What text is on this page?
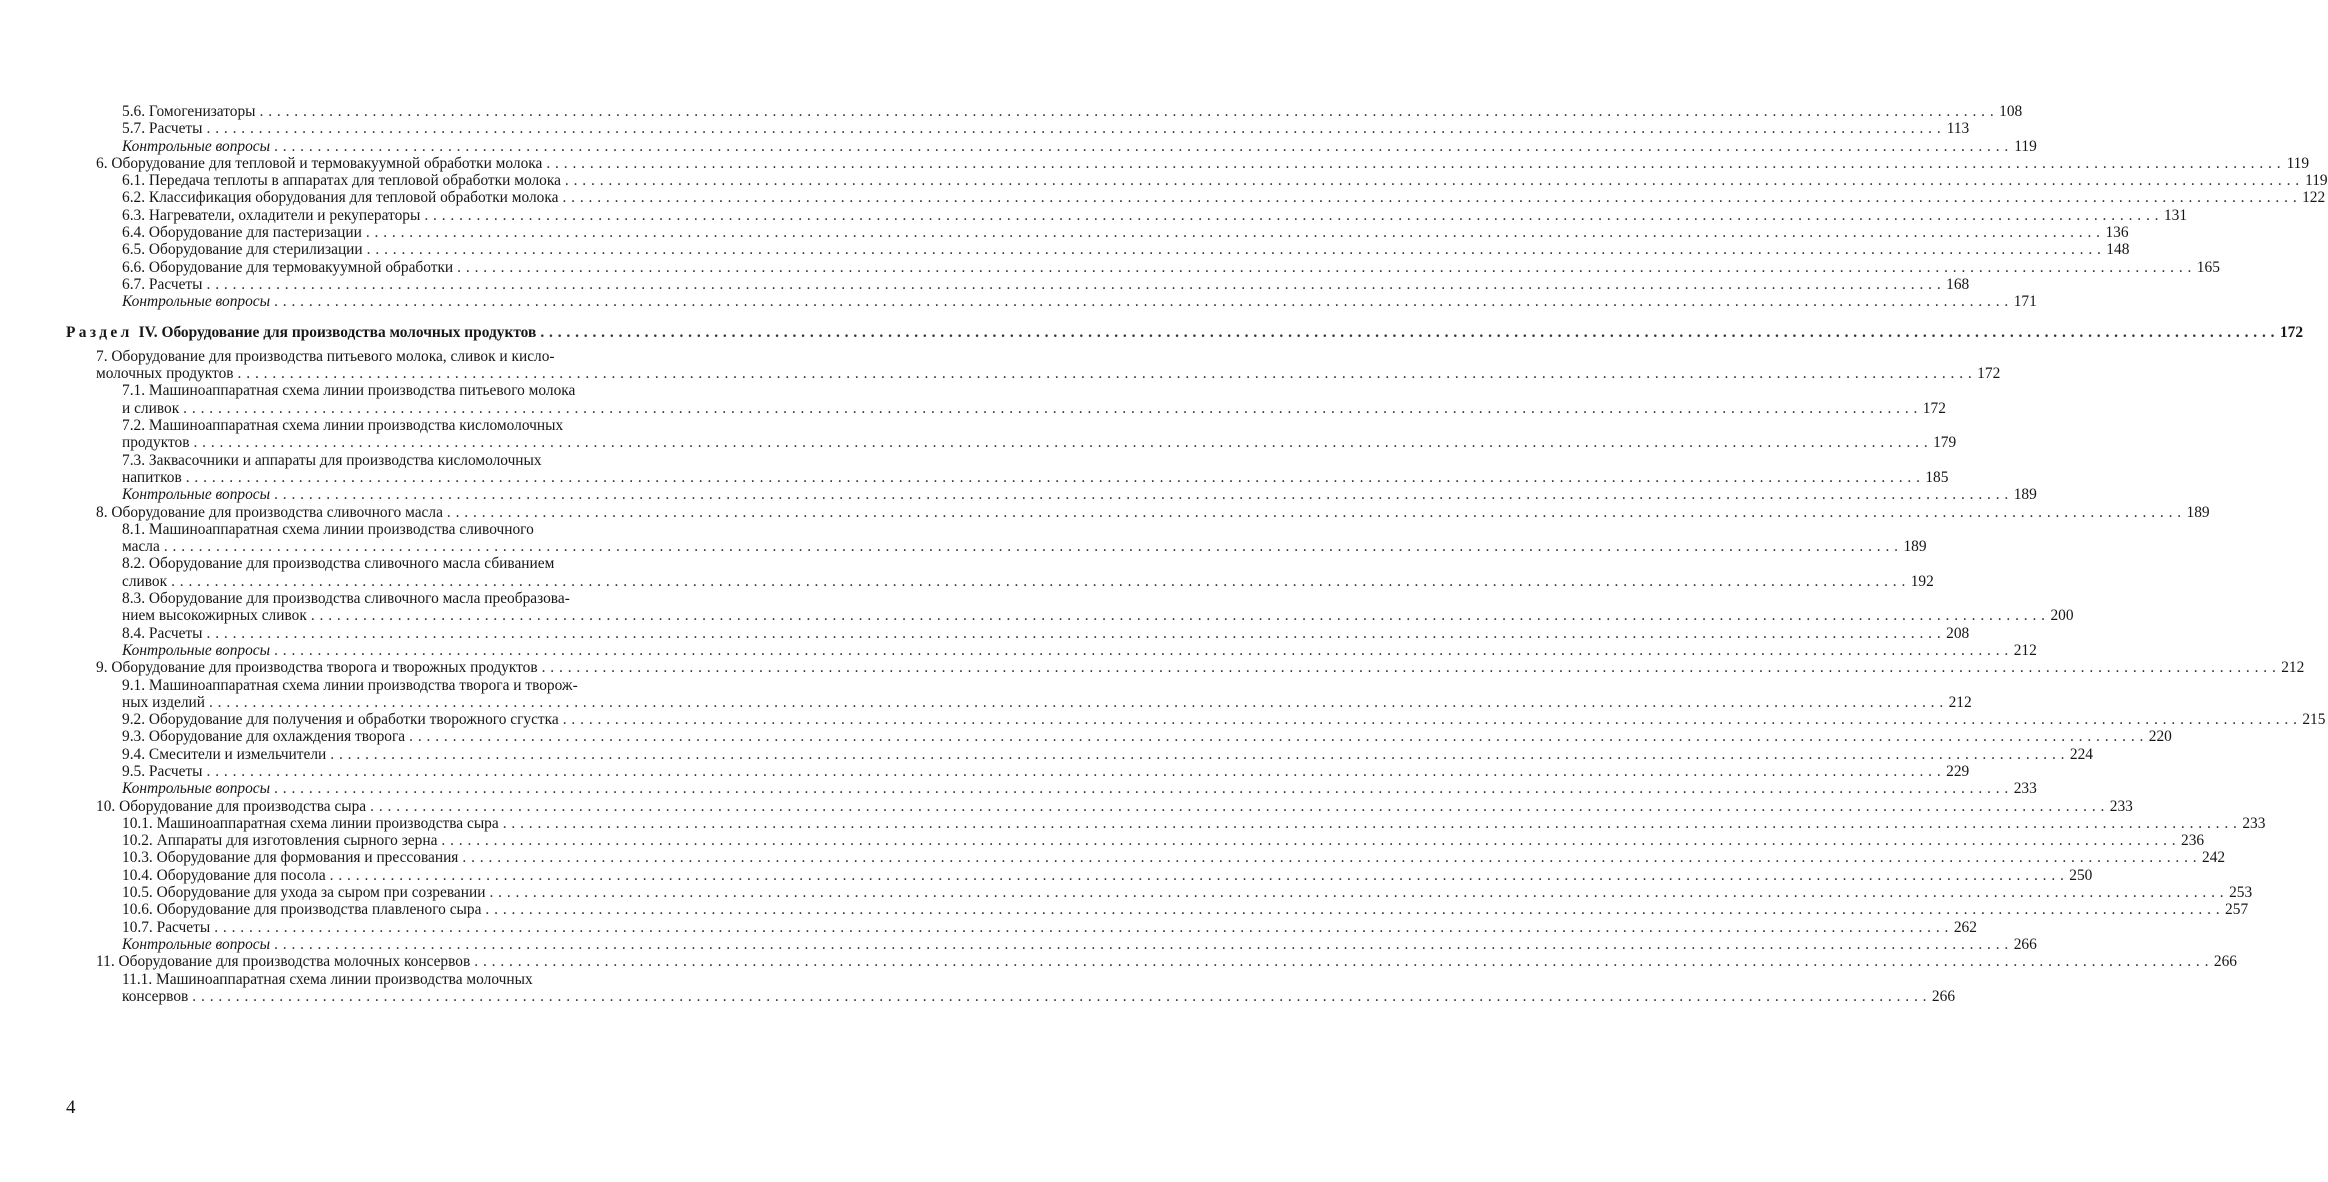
5.6. Гомогенизаторы . . . . . . . . . . . . . . . . . . . . . . . . . . . . . . . . . . . . . . . . . . . . . . . . . . . . . . . . . . . . . . . . . . . . . . . . . . . . . . . . . . . . . . . . . . . . . . . . . . . . . . . . . . . . . . . . . . . . . . . . . . . . . . . . . . . . . . . . . . . . . . . . . . . . . . . . . . . . . . . . . . . . . . . . . . . . . . . . . . . . . . . . . . . . . . . . . . . . . . . . 108
5.7. Расчеты . . . . . . . . . . . . . . . . . . . . . . . . . . . . . . . . . . . . . . . . . . . . . . . . . . . . . . . . . . . . . . . . . . . . . . . . . . . . . . . . . . . . . . . . . . . . . . . . . . . . . . . . . . . . . . . . . . . . . . . . . . . . . . . . . . . . . . . . . . . . . . . . . . . . . . . . . . . . . . . . . . . . . . . . . . . . . . . . . . . . . . . . . . . . . . . . . . . . . . . . 113
Контрольные вопросы . . . . . . . . . . . . . . . . . . . . . . . . . . . . . . . . . . . . . . . . . . . . . . . . . . . . . . . . . . . . . . . . . . . . . . . . . . . . . . . . . . . . . . . . . . . . . . . . . . . . . . . . . . . . . . . . . . . . . . . . . . . . . . . . . . . . . . . . . . . . . . . . . . . . . . . . . . . . . . . . . . . . . . . . . . . . . . . . . . . . . . . . . . . . . . . . . . . . . . . . 119
6. Оборудование для тепловой и термовакуумной обработки молока . . . . . . . . . . . . . . . . . . . . . . . . . . . . . . . . . . . . . . . . . . . . . . . . . . . . . . . . . . . . . . . . . . . . . . . . . . . . . . . . . . . . . . . . . . . . . . . . . . . . . . . . . . . . . . . . . . . . . . . . . . . . . . . . . . . . . . . . . . . . . . . . . . . . . . . . . . . . . . . . . . . . . . . . . . . . . . . . . . . . . . . . . . . . . . . . . . . . . . . . 119
6.1. Передача теплоты в аппаратах для тепловой обработки молока . . . . . . . . . . . . . . . . . . . . . . . . . . . . . . . . . . . . . . . . . . . . . . . . . . . . . . . . . . . . . . . . . . . . . . . . . . . . . . . . . . . . . . . . . . . . . . . . . . . . . . . . . . . . . . . . . . . . . . . . . . . . . . . . . . . . . . . . . . . . . . . . . . . . . . . . . . . . . . . . . . . . . . . . . . . . . . . . . . . . . . . . . . . . . . . . . . . . . . . . 119
6.2. Классификация оборудования для тепловой обработки молока . . . . . . . . . . . . . . . . . . . . . . . . . . . . . . . . . . . . . . . . . . . . . . . . . . . . . . . . . . . . . . . . . . . . . . . . . . . . . . . . . . . . . . . . . . . . . . . . . . . . . . . . . . . . . . . . . . . . . . . . . . . . . . . . . . . . . . . . . . . . . . . . . . . . . . . . . . . . . . . . . . . . . . . . . . . . . . . . . . . . . . . . . . . . . . . . . . . . . . . . 122
6.3. Нагреватели, охладители и рекуператоры . . . . . . . . . . . . . . . . . . . . . . . . . . . . . . . . . . . . . . . . . . . . . . . . . . . . . . . . . . . . . . . . . . . . . . . . . . . . . . . . . . . . . . . . . . . . . . . . . . . . . . . . . . . . . . . . . . . . . . . . . . . . . . . . . . . . . . . . . . . . . . . . . . . . . . . . . . . . . . . . . . . . . . . . . . . . . . . . . . . . . . . . . . . . . . . . . . . . . . . . 131
6.4. Оборудование для пастеризации . . . . . . . . . . . . . . . . . . . . . . . . . . . . . . . . . . . . . . . . . . . . . . . . . . . . . . . . . . . . . . . . . . . . . . . . . . . . . . . . . . . . . . . . . . . . . . . . . . . . . . . . . . . . . . . . . . . . . . . . . . . . . . . . . . . . . . . . . . . . . . . . . . . . . . . . . . . . . . . . . . . . . . . . . . . . . . . . . . . . . . . . . . . . . . . . . . . . . . . . 136
6.5. Оборудование для стерилизации . . . . . . . . . . . . . . . . . . . . . . . . . . . . . . . . . . . . . . . . . . . . . . . . . . . . . . . . . . . . . . . . . . . . . . . . . . . . . . . . . . . . . . . . . . . . . . . . . . . . . . . . . . . . . . . . . . . . . . . . . . . . . . . . . . . . . . . . . . . . . . . . . . . . . . . . . . . . . . . . . . . . . . . . . . . . . . . . . . . . . . . . . . . . . . . . . . . . . . . . 148
6.6. Оборудование для термовакуумной обработки . . . . . . . . . . . . . . . . . . . . . . . . . . . . . . . . . . . . . . . . . . . . . . . . . . . . . . . . . . . . . . . . . . . . . . . . . . . . . . . . . . . . . . . . . . . . . . . . . . . . . . . . . . . . . . . . . . . . . . . . . . . . . . . . . . . . . . . . . . . . . . . . . . . . . . . . . . . . . . . . . . . . . . . . . . . . . . . . . . . . . . . . . . . . . . . . . . . . . . . . 165
6.7. Расчеты . . . . . . . . . . . . . . . . . . . . . . . . . . . . . . . . . . . . . . . . . . . . . . . . . . . . . . . . . . . . . . . . . . . . . . . . . . . . . . . . . . . . . . . . . . . . . . . . . . . . . . . . . . . . . . . . . . . . . . . . . . . . . . . . . . . . . . . . . . . . . . . . . . . . . . . . . . . . . . . . . . . . . . . . . . . . . . . . . . . . . . . . . . . . . . . . . . . . . . . . 168
Контрольные вопросы . . . . . . . . . . . . . . . . . . . . . . . . . . . . . . . . . . . . . . . . . . . . . . . . . . . . . . . . . . . . . . . . . . . . . . . . . . . . . . . . . . . . . . . . . . . . . . . . . . . . . . . . . . . . . . . . . . . . . . . . . . . . . . . . . . . . . . . . . . . . . . . . . . . . . . . . . . . . . . . . . . . . . . . . . . . . . . . . . . . . . . . . . . . . . . . . . . . . . . . . 171
Раздел IV. Оборудование для производства молочных продуктов . . . . . . . . . . . . . . . . . . . . . . . . . . . . . . . . . . . . . . . . . . . . . . . . . . . . . . . . . . . . . . . . . . . . . . . . . . . . . . . . . . . . . . . . . . . . . . . . . . . . . . . . . . . . . . . . . . . . . . . . . . . . . . . . . . . . . . . . . . . . . . . . . . . . . . . . . . . . . . . . . . . . . . . . . . . . . . . . . . . . . . . . . . . . . . . . . . . . . . . . 172
7. Оборудование для производства питьевого молока, сливок и кисло-
молочных продуктов . . . . . . . . . . . . . . . . . . . . . . . . . . . . . . . . . . . . . . . . . . . . . . . . . . . . . . . . . . . . . . . . . . . . . . . . . . . . . . . . . . . . . . . . . . . . . . . . . . . . . . . . . . . . . . . . . . . . . . . . . . . . . . . . . . . . . . . . . . . . . . . . . . . . . . . . . . . . . . . . . . . . . . . . . . . . . . . . . . . . . . . . . . . . . . . . . . . . . . . . 172
7.1. Машиноаппаратная схема линии производства питьевого молока
и сливок . . . . . . . . . . . . . . . . . . . . . . . . . . . . . . . . . . . . . . . . . . . . . . . . . . . . . . . . . . . . . . . . . . . . . . . . . . . . . . . . . . . . . . . . . . . . . . . . . . . . . . . . . . . . . . . . . . . . . . . . . . . . . . . . . . . . . . . . . . . . . . . . . . . . . . . . . . . . . . . . . . . . . . . . . . . . . . . . . . . . . . . . . . . . . . . . . . . . . . . . 172
7.2. Машиноаппаратная схема линии производства кисломолочных
продуктов . . . . . . . . . . . . . . . . . . . . . . . . . . . . . . . . . . . . . . . . . . . . . . . . . . . . . . . . . . . . . . . . . . . . . . . . . . . . . . . . . . . . . . . . . . . . . . . . . . . . . . . . . . . . . . . . . . . . . . . . . . . . . . . . . . . . . . . . . . . . . . . . . . . . . . . . . . . . . . . . . . . . . . . . . . . . . . . . . . . . . . . . . . . . . . . . . . . . . . . . 179
7.3. Заквасочники и аппараты для производства кисломолочных
напитков . . . . . . . . . . . . . . . . . . . . . . . . . . . . . . . . . . . . . . . . . . . . . . . . . . . . . . . . . . . . . . . . . . . . . . . . . . . . . . . . . . . . . . . . . . . . . . . . . . . . . . . . . . . . . . . . . . . . . . . . . . . . . . . . . . . . . . . . . . . . . . . . . . . . . . . . . . . . . . . . . . . . . . . . . . . . . . . . . . . . . . . . . . . . . . . . . . . . . . . . 185
Контрольные вопросы . . . . . . . . . . . . . . . . . . . . . . . . . . . . . . . . . . . . . . . . . . . . . . . . . . . . . . . . . . . . . . . . . . . . . . . . . . . . . . . . . . . . . . . . . . . . . . . . . . . . . . . . . . . . . . . . . . . . . . . . . . . . . . . . . . . . . . . . . . . . . . . . . . . . . . . . . . . . . . . . . . . . . . . . . . . . . . . . . . . . . . . . . . . . . . . . . . . . . . . . 189
8. Оборудование для производства сливочного масла . . . . . . . . . . . . . . . . . . . . . . . . . . . . . . . . . . . . . . . . . . . . . . . . . . . . . . . . . . . . . . . . . . . . . . . . . . . . . . . . . . . . . . . . . . . . . . . . . . . . . . . . . . . . . . . . . . . . . . . . . . . . . . . . . . . . . . . . . . . . . . . . . . . . . . . . . . . . . . . . . . . . . . . . . . . . . . . . . . . . . . . . . . . . . . . . . . . . . . . . 189
8.1. Машиноаппаратная схема линии производства сливочного
масла . . . . . . . . . . . . . . . . . . . . . . . . . . . . . . . . . . . . . . . . . . . . . . . . . . . . . . . . . . . . . . . . . . . . . . . . . . . . . . . . . . . . . . . . . . . . . . . . . . . . . . . . . . . . . . . . . . . . . . . . . . . . . . . . . . . . . . . . . . . . . . . . . . . . . . . . . . . . . . . . . . . . . . . . . . . . . . . . . . . . . . . . . . . . . . . . . . . . . . . . 189
8.2. Оборудование для производства сливочного масла сбиванием
сливок . . . . . . . . . . . . . . . . . . . . . . . . . . . . . . . . . . . . . . . . . . . . . . . . . . . . . . . . . . . . . . . . . . . . . . . . . . . . . . . . . . . . . . . . . . . . . . . . . . . . . . . . . . . . . . . . . . . . . . . . . . . . . . . . . . . . . . . . . . . . . . . . . . . . . . . . . . . . . . . . . . . . . . . . . . . . . . . . . . . . . . . . . . . . . . . . . . . . . . . . 192
8.3. Оборудование для производства сливочного масла преобразова-
нием высокожирных сливок . . . . . . . . . . . . . . . . . . . . . . . . . . . . . . . . . . . . . . . . . . . . . . . . . . . . . . . . . . . . . . . . . . . . . . . . . . . . . . . . . . . . . . . . . . . . . . . . . . . . . . . . . . . . . . . . . . . . . . . . . . . . . . . . . . . . . . . . . . . . . . . . . . . . . . . . . . . . . . . . . . . . . . . . . . . . . . . . . . . . . . . . . . . . . . . . . . . . . . . . 200
8.4. Расчеты . . . . . . . . . . . . . . . . . . . . . . . . . . . . . . . . . . . . . . . . . . . . . . . . . . . . . . . . . . . . . . . . . . . . . . . . . . . . . . . . . . . . . . . . . . . . . . . . . . . . . . . . . . . . . . . . . . . . . . . . . . . . . . . . . . . . . . . . . . . . . . . . . . . . . . . . . . . . . . . . . . . . . . . . . . . . . . . . . . . . . . . . . . . . . . . . . . . . . . . . 208
Контрольные вопросы . . . . . . . . . . . . . . . . . . . . . . . . . . . . . . . . . . . . . . . . . . . . . . . . . . . . . . . . . . . . . . . . . . . . . . . . . . . . . . . . . . . . . . . . . . . . . . . . . . . . . . . . . . . . . . . . . . . . . . . . . . . . . . . . . . . . . . . . . . . . . . . . . . . . . . . . . . . . . . . . . . . . . . . . . . . . . . . . . . . . . . . . . . . . . . . . . . . . . . . . 212
9. Оборудование для производства творога и творожных продуктов . . . . . . . . . . . . . . . . . . . . . . . . . . . . . . . . . . . . . . . . . . . . . . . . . . . . . . . . . . . . . . . . . . . . . . . . . . . . . . . . . . . . . . . . . . . . . . . . . . . . . . . . . . . . . . . . . . . . . . . . . . . . . . . . . . . . . . . . . . . . . . . . . . . . . . . . . . . . . . . . . . . . . . . . . . . . . . . . . . . . . . . . . . . . . . . . . . . . . . . . 212
9.1. Машиноаппаратная схема линии производства творога и творож-
ных изделий . . . . . . . . . . . . . . . . . . . . . . . . . . . . . . . . . . . . . . . . . . . . . . . . . . . . . . . . . . . . . . . . . . . . . . . . . . . . . . . . . . . . . . . . . . . . . . . . . . . . . . . . . . . . . . . . . . . . . . . . . . . . . . . . . . . . . . . . . . . . . . . . . . . . . . . . . . . . . . . . . . . . . . . . . . . . . . . . . . . . . . . . . . . . . . . . . . . . . . . . 212
9.2. Оборудование для получения и обработки творожного сгустка . . . . . . . . . . . . . . . . . . . . . . . . . . . . . . . . . . . . . . . . . . . . . . . . . . . . . . . . . . . . . . . . . . . . . . . . . . . . . . . . . . . . . . . . . . . . . . . . . . . . . . . . . . . . . . . . . . . . . . . . . . . . . . . . . . . . . . . . . . . . . . . . . . . . . . . . . . . . . . . . . . . . . . . . . . . . . . . . . . . . . . . . . . . . . . . . . . . . . . . . 215
9.3. Оборудование для охлаждения творога . . . . . . . . . . . . . . . . . . . . . . . . . . . . . . . . . . . . . . . . . . . . . . . . . . . . . . . . . . . . . . . . . . . . . . . . . . . . . . . . . . . . . . . . . . . . . . . . . . . . . . . . . . . . . . . . . . . . . . . . . . . . . . . . . . . . . . . . . . . . . . . . . . . . . . . . . . . . . . . . . . . . . . . . . . . . . . . . . . . . . . . . . . . . . . . . . . . . . . . . 220
9.4. Смесители и измельчители . . . . . . . . . . . . . . . . . . . . . . . . . . . . . . . . . . . . . . . . . . . . . . . . . . . . . . . . . . . . . . . . . . . . . . . . . . . . . . . . . . . . . . . . . . . . . . . . . . . . . . . . . . . . . . . . . . . . . . . . . . . . . . . . . . . . . . . . . . . . . . . . . . . . . . . . . . . . . . . . . . . . . . . . . . . . . . . . . . . . . . . . . . . . . . . . . . . . . . . . 224
9.5. Расчеты . . . . . . . . . . . . . . . . . . . . . . . . . . . . . . . . . . . . . . . . . . . . . . . . . . . . . . . . . . . . . . . . . . . . . . . . . . . . . . . . . . . . . . . . . . . . . . . . . . . . . . . . . . . . . . . . . . . . . . . . . . . . . . . . . . . . . . . . . . . . . . . . . . . . . . . . . . . . . . . . . . . . . . . . . . . . . . . . . . . . . . . . . . . . . . . . . . . . . . . . 229
Контрольные вопросы . . . . . . . . . . . . . . . . . . . . . . . . . . . . . . . . . . . . . . . . . . . . . . . . . . . . . . . . . . . . . . . . . . . . . . . . . . . . . . . . . . . . . . . . . . . . . . . . . . . . . . . . . . . . . . . . . . . . . . . . . . . . . . . . . . . . . . . . . . . . . . . . . . . . . . . . . . . . . . . . . . . . . . . . . . . . . . . . . . . . . . . . . . . . . . . . . . . . . . . . 233
10. Оборудование для производства сыра . . . . . . . . . . . . . . . . . . . . . . . . . . . . . . . . . . . . . . . . . . . . . . . . . . . . . . . . . . . . . . . . . . . . . . . . . . . . . . . . . . . . . . . . . . . . . . . . . . . . . . . . . . . . . . . . . . . . . . . . . . . . . . . . . . . . . . . . . . . . . . . . . . . . . . . . . . . . . . . . . . . . . . . . . . . . . . . . . . . . . . . . . . . . . . . . . . . . . . . . 233
10.1. Машиноаппаратная схема линии производства сыра . . . . . . . . . . . . . . . . . . . . . . . . . . . . . . . . . . . . . . . . . . . . . . . . . . . . . . . . . . . . . . . . . . . . . . . . . . . . . . . . . . . . . . . . . . . . . . . . . . . . . . . . . . . . . . . . . . . . . . . . . . . . . . . . . . . . . . . . . . . . . . . . . . . . . . . . . . . . . . . . . . . . . . . . . . . . . . . . . . . . . . . . . . . . . . . . . . . . . . . . 233
10.2. Аппараты для изготовления сырного зерна . . . . . . . . . . . . . . . . . . . . . . . . . . . . . . . . . . . . . . . . . . . . . . . . . . . . . . . . . . . . . . . . . . . . . . . . . . . . . . . . . . . . . . . . . . . . . . . . . . . . . . . . . . . . . . . . . . . . . . . . . . . . . . . . . . . . . . . . . . . . . . . . . . . . . . . . . . . . . . . . . . . . . . . . . . . . . . . . . . . . . . . . . . . . . . . . . . . . . . . . 236
10.3. Оборудование для формования и прессования . . . . . . . . . . . . . . . . . . . . . . . . . . . . . . . . . . . . . . . . . . . . . . . . . . . . . . . . . . . . . . . . . . . . . . . . . . . . . . . . . . . . . . . . . . . . . . . . . . . . . . . . . . . . . . . . . . . . . . . . . . . . . . . . . . . . . . . . . . . . . . . . . . . . . . . . . . . . . . . . . . . . . . . . . . . . . . . . . . . . . . . . . . . . . . . . . . . . . . . . 242
10.4. Оборудование для посола . . . . . . . . . . . . . . . . . . . . . . . . . . . . . . . . . . . . . . . . . . . . . . . . . . . . . . . . . . . . . . . . . . . . . . . . . . . . . . . . . . . . . . . . . . . . . . . . . . . . . . . . . . . . . . . . . . . . . . . . . . . . . . . . . . . . . . . . . . . . . . . . . . . . . . . . . . . . . . . . . . . . . . . . . . . . . . . . . . . . . . . . . . . . . . . . . . . . . . . . 250
10.5. Оборудование для ухода за сыром при созревании . . . . . . . . . . . . . . . . . . . . . . . . . . . . . . . . . . . . . . . . . . . . . . . . . . . . . . . . . . . . . . . . . . . . . . . . . . . . . . . . . . . . . . . . . . . . . . . . . . . . . . . . . . . . . . . . . . . . . . . . . . . . . . . . . . . . . . . . . . . . . . . . . . . . . . . . . . . . . . . . . . . . . . . . . . . . . . . . . . . . . . . . . . . . . . . . . . . . . . . . 253
10.6. Оборудование для производства плавленого сыра . . . . . . . . . . . . . . . . . . . . . . . . . . . . . . . . . . . . . . . . . . . . . . . . . . . . . . . . . . . . . . . . . . . . . . . . . . . . . . . . . . . . . . . . . . . . . . . . . . . . . . . . . . . . . . . . . . . . . . . . . . . . . . . . . . . . . . . . . . . . . . . . . . . . . . . . . . . . . . . . . . . . . . . . . . . . . . . . . . . . . . . . . . . . . . . . . . . . . . . . 257
10.7. Расчеты . . . . . . . . . . . . . . . . . . . . . . . . . . . . . . . . . . . . . . . . . . . . . . . . . . . . . . . . . . . . . . . . . . . . . . . . . . . . . . . . . . . . . . . . . . . . . . . . . . . . . . . . . . . . . . . . . . . . . . . . . . . . . . . . . . . . . . . . . . . . . . . . . . . . . . . . . . . . . . . . . . . . . . . . . . . . . . . . . . . . . . . . . . . . . . . . . . . . . . . . 262
Контрольные вопросы . . . . . . . . . . . . . . . . . . . . . . . . . . . . . . . . . . . . . . . . . . . . . . . . . . . . . . . . . . . . . . . . . . . . . . . . . . . . . . . . . . . . . . . . . . . . . . . . . . . . . . . . . . . . . . . . . . . . . . . . . . . . . . . . . . . . . . . . . . . . . . . . . . . . . . . . . . . . . . . . . . . . . . . . . . . . . . . . . . . . . . . . . . . . . . . . . . . . . . . . 266
11. Оборудование для производства молочных консервов . . . . . . . . . . . . . . . . . . . . . . . . . . . . . . . . . . . . . . . . . . . . . . . . . . . . . . . . . . . . . . . . . . . . . . . . . . . . . . . . . . . . . . . . . . . . . . . . . . . . . . . . . . . . . . . . . . . . . . . . . . . . . . . . . . . . . . . . . . . . . . . . . . . . . . . . . . . . . . . . . . . . . . . . . . . . . . . . . . . . . . . . . . . . . . . . . . . . . . . . 266
11.1. Машиноаппаратная схема линии производства молочных
консервов . . . . . . . . . . . . . . . . . . . . . . . . . . . . . . . . . . . . . . . . . . . . . . . . . . . . . . . . . . . . . . . . . . . . . . . . . . . . . . . . . . . . . . . . . . . . . . . . . . . . . . . . . . . . . . . . . . . . . . . . . . . . . . . . . . . . . . . . . . . . . . . . . . . . . . . . . . . . . . . . . . . . . . . . . . . . . . . . . . . . . . . . . . . . . . . . . . . . . . . . 266
4
